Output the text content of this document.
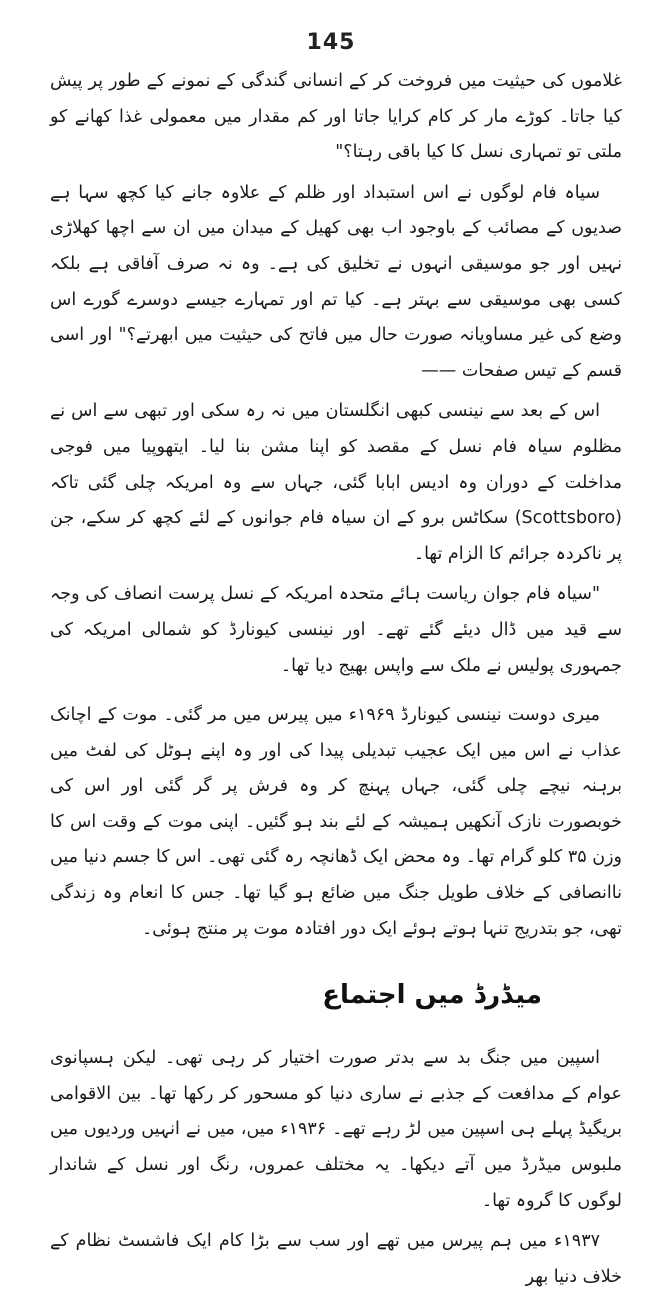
145

غلاموں کی حیثیت میں فروخت کر کے انسانی گندگی کے نمونے کے طور پر پیش کیا جاتا۔ کوڑے مار کر کام کرایا جاتا اور کم مقدار میں معمولی غذا کھانے کو ملتی تو تمہاری نسل کا کیا باقی رہتا؟"

سیاہ فام لوگوں نے اس استبداد اور ظلم کے علاوہ جانے کیا کچھ سہا ہے صدیوں کے مصائب کے باوجود اب بھی کھیل کے میدان میں ان سے اچھا کھلاڑی نہیں اور جو موسیقی انہوں نے تخلیق کی ہے۔ وہ نہ صرف آفاقی ہے بلکہ کسی بھی موسیقی سے بہتر ہے۔ کیا تم اور تمہارے جیسے دوسرے گورے اس وضع کی غیر مساویانہ صورت حال میں فاتح کی حیثیت میں ابھرتے؟" اور اسی قسم کے تیس صفحات ——

اس کے بعد سے نینسی کبھی انگلستان میں نہ رہ سکی اور تبھی سے اس نے مظلوم سیاہ فام نسل کے مقصد کو اپنا مشن بنا لیا۔ ایتھوپیا میں فوجی مداخلت کے دوران وہ ادیس ابابا گئی، جہاں سے وہ امریکہ چلی گئی تاکہ (Scottsboro) سکاٹس برو کے ان سیاہ فام جوانوں کے لئے کچھ کر سکے، جن پر ناکردہ جرائم کا الزام تھا۔

"سیاہ فام جوان ریاست ہائے متحدہ امریکہ کے نسل پرست انصاف کی وجہ سے قید میں ڈال دیئے گئے تھے۔ اور نینسی کیونارڈ کو شمالی امریکہ کی جمہوری پولیس نے ملک سے واپس بھیج دیا تھا۔

میری دوست نینسی کیونارڈ ۱۹۶۹ء میں پیرس میں مر گئی۔ موت کے اچانک عذاب نے اس میں ایک عجیب تبدیلی پیدا کی اور وہ اپنے ہوٹل کی لفٹ میں برہنہ نیچے چلی گئی، جہاں پہنچ کر وہ فرش پر گر گئی اور اس کی خوبصورت نازک آنکھیں ہمیشہ کے لئے بند ہو گئیں۔ اپنی موت کے وقت اس کا وزن ۳۵ کلو گرام تھا۔ وہ محض ایک ڈھانچہ رہ گئی تھی۔ اس کا جسم دنیا میں ناانصافی کے خلاف طویل جنگ میں ضائع ہو گیا تھا۔ جس کا انعام وہ زندگی تھی، جو بتدریج تنہا ہوتے ہوئے ایک دور افتادہ موت پر منتج ہوئی۔

میڈرڈ میں اجتماع

اسپین میں جنگ بد سے بدتر صورت اختیار کر رہی تھی۔ لیکن ہسپانوی عوام کے مدافعت کے جذبے نے ساری دنیا کو مسحور کر رکھا تھا۔ بین الاقوامی بریگیڈ پہلے ہی اسپین میں لڑ رہے تھے۔ ۱۹۳۶ء میں، میں نے انہیں وردیوں میں ملبوس میڈرڈ میں آتے دیکھا۔ یہ مختلف عمروں، رنگ اور نسل کے شاندار لوگوں کا گروہ تھا۔

۱۹۳۷ء میں ہم پیرس میں تھے اور سب سے بڑا کام ایک فاشسٹ نظام کے خلاف دنیا بھر
